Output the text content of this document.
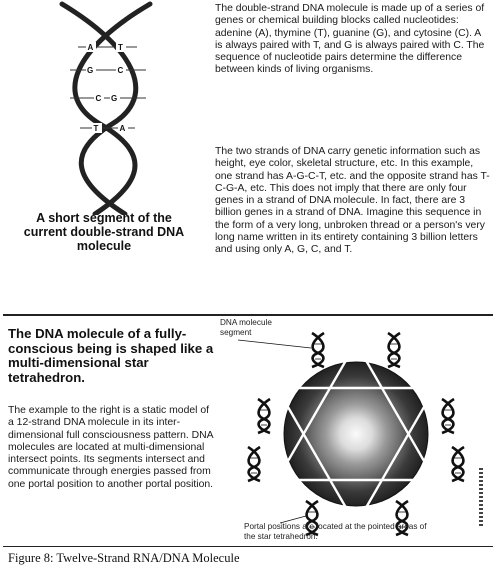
A	T
G	C
C G
T	A
A short segment of the current double-strand DNA molecule
The double-strand DNA molecule is made up of a series of genes or chemical building blocks called nucleotides: adenine (A), thymine (T), guanine (G), and cytosine (C). A is always paired with T, and G is always paired with C. The sequence of nucleotide pairs determine the difference between kinds of living organisms.
The two strands of DNA carry genetic information such as height, eye color, skeletal structure, etc. In this example, one strand has A-G-C-T, etc. and the opposite strand has T-C-G-A, etc. This does not imply that there are only four genes in a strand of DNA molecule. In fact, there are 3 billion genes in a strand of DNA. Imagine this sequence in the form of a very long, unbroken thread or a person's very long name written in its entirety containing 3 billion letters and using only A, G, C, and T.
The DNA molecule of a fully-conscious being is shaped like a multi-dimensional star tetrahedron.
The example to the right is a static model of a 12-strand DNA molecule in its inter-dimensional full consciousness pattern. DNA molecules are located at multi-dimensional intersect points. Its segments intersect and communicate through energies passed from one portal position to another portal position.
DNA molecule segment
Portal positions are located at the pointed areas of the star tetrahedron.
Figure 8: Twelve-Strand RNA/DNA Molecule
